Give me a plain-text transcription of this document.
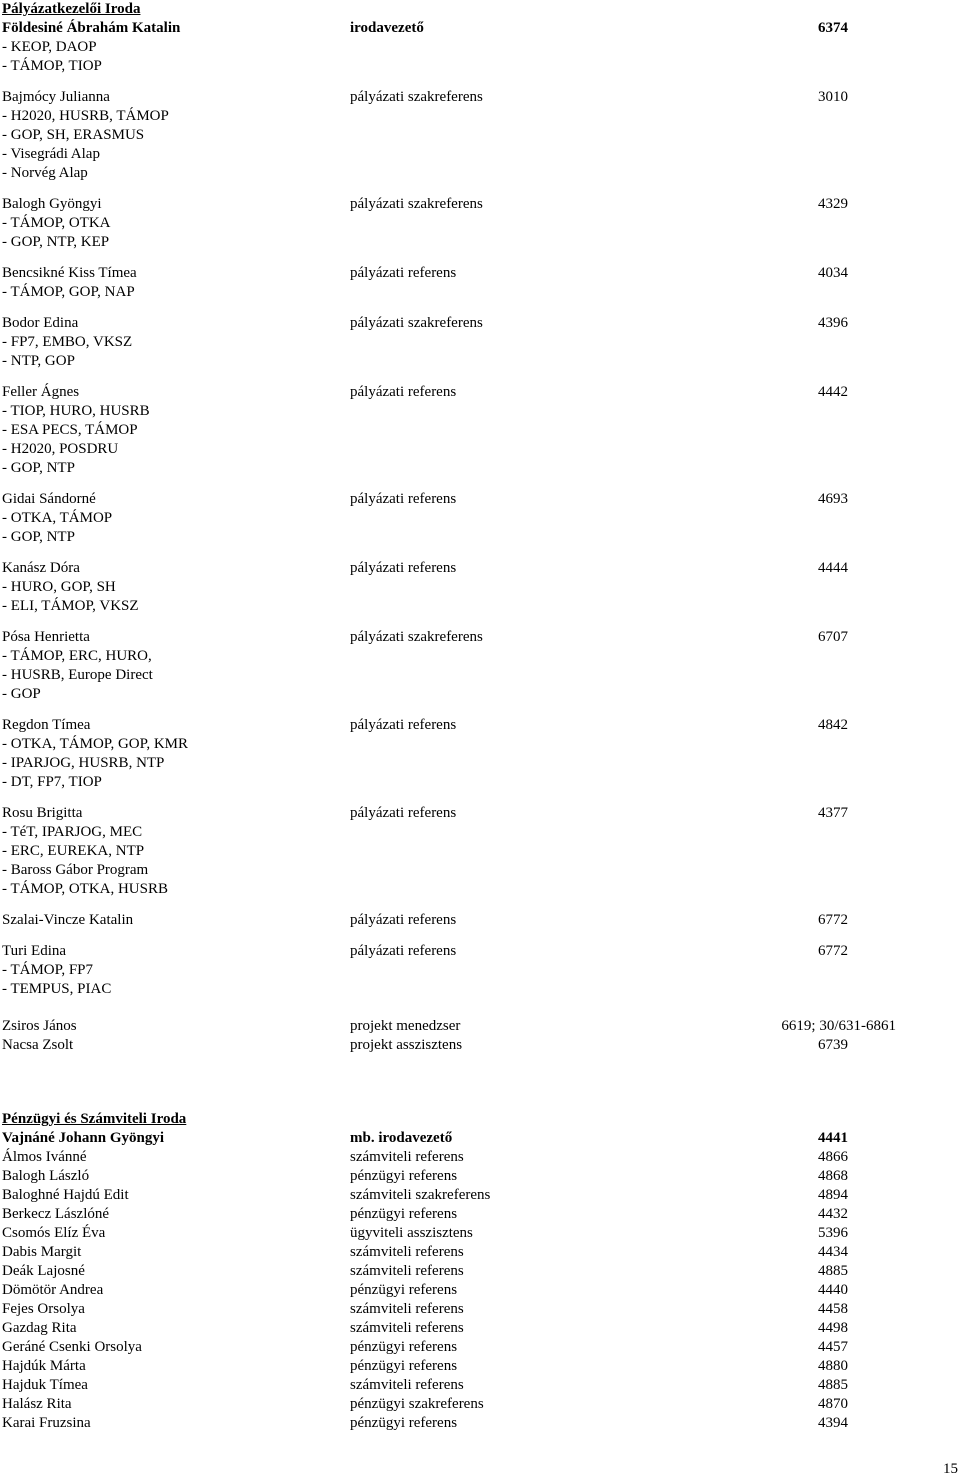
Pályázatkezelői Iroda
Földesiné Ábrahám Katalin	irodavezető	6374
- KEOP, DAOP
- TÁMOP, TIOP
Bajmócy Julianna	pályázati szakreferens	3010
- H2020, HUSRB, TÁMOP
- GOP, SH, ERASMUS
- Visegrádi Alap
- Norvég Alap
Balogh Gyöngyi	pályázati szakreferens	4329
- TÁMOP, OTKA
- GOP, NTP, KEP
Bencsikné Kiss Tímea	pályázati referens	4034
- TÁMOP, GOP, NAP
Bodor Edina	pályázati szakreferens	4396
- FP7, EMBO, VKSZ
- NTP, GOP
Feller Ágnes	pályázati referens	4442
- TIOP, HURO, HUSRB
- ESA PECS, TÁMOP
- H2020, POSDRU
- GOP, NTP
Gidai Sándorné	pályázati referens	4693
- OTKA, TÁMOP
- GOP, NTP
Kanász Dóra	pályázati referens	4444
- HURO, GOP, SH
- ELI, TÁMOP, VKSZ
Pósa Henrietta	pályázati szakreferens	6707
- TÁMOP, ERC, HURO,
- HUSRB, Europe Direct
- GOP
Regdon Tímea	pályázati referens	4842
- OTKA, TÁMOP, GOP, KMR
- IPARJOG, HUSRB, NTP
- DT, FP7, TIOP
Rosu Brigitta	pályázati referens	4377
- TéT, IPARJOG, MEC
- ERC, EUREKA, NTP
- Baross Gábor Program
- TÁMOP, OTKA, HUSRB
Szalai-Vincze Katalin	pályázati referens	6772
Turi Edina	pályázati referens	6772
- TÁMOP, FP7
- TEMPUS, PIAC
Zsiros János	projekt menedzser	6619; 30/631-6861
Nacsa Zsolt	projekt asszisztens	6739
Pénzügyi és Számviteli Iroda
Vajnáné Johann Gyöngyi	mb. irodavezető	4441
Álmos Ivánné	számviteli referens	4866
Balogh László	pénzügyi referens	4868
Baloghné Hajdú Edit	számviteli szakreferens	4894
Berkecz Lászlóné	pénzügyi referens	4432
Csomós Elíz Éva	ügyviteli asszisztens	5396
Dabis Margit	számviteli referens	4434
Deák Lajosné	számviteli referens	4885
Dömötör Andrea	pénzügyi referens	4440
Fejes Orsolya	számviteli referens	4458
Gazdag Rita	számviteli referens	4498
Geráné Csenki Orsolya	pénzügyi referens	4457
Hajdúk Márta	pénzügyi referens	4880
Hajduk Tímea	számviteli referens	4885
Halász Rita	pénzügyi szakreferens	4870
Karai Fruzsina	pénzügyi referens	4394
15
